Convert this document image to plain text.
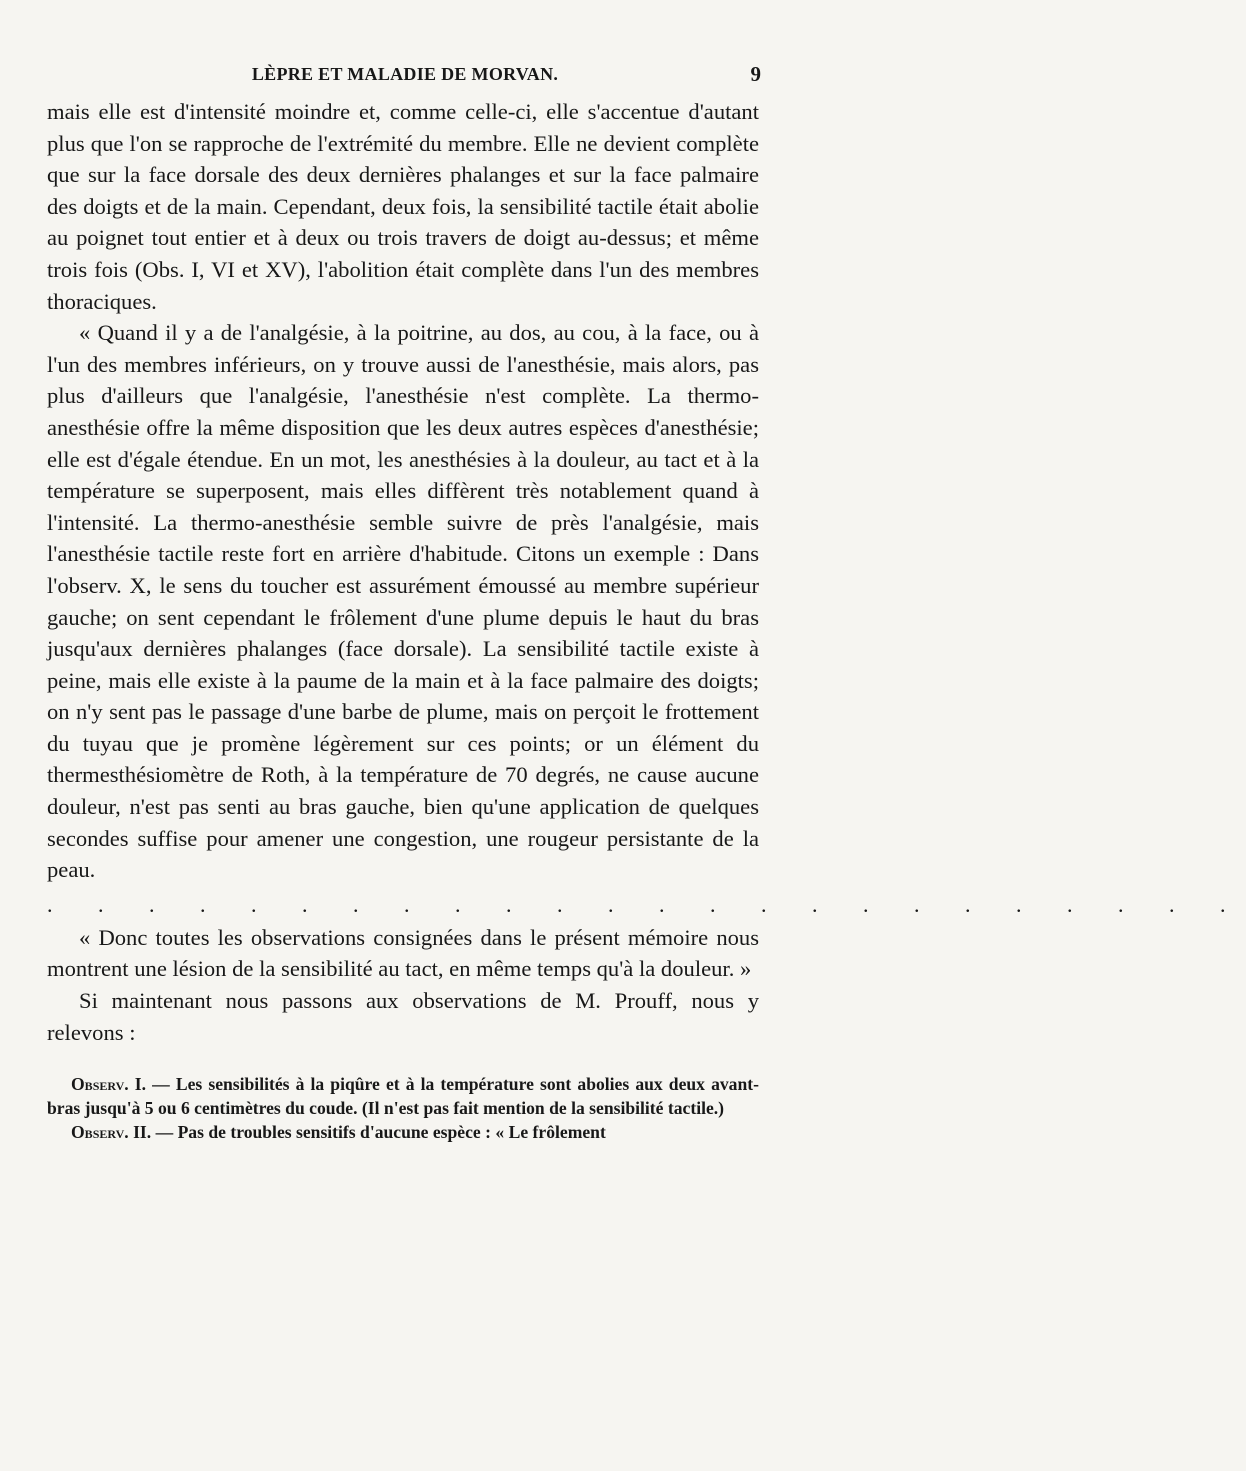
LÈPRE ET MALADIE DE MORVAN.	9

mais elle est d'intensité moindre et, comme celle-ci, elle s'accentue d'autant plus que l'on se rapproche de l'extrémité du membre. Elle ne devient complète que sur la face dorsale des deux dernières phalanges et sur la face palmaire des doigts et de la main. Cependant, deux fois, la sensibilité tactile était abolie au poignet tout entier et à deux ou trois travers de doigt au-dessus; et même trois fois (Obs. I, VI et XV), l'abolition était complète dans l'un des membres thoraciques.

« Quand il y a de l'analgésie, à la poitrine, au dos, au cou, à la face, ou à l'un des membres inférieurs, on y trouve aussi de l'anesthésie, mais alors, pas plus d'ailleurs que l'analgésie, l'anesthésie n'est complète. La thermo-anesthésie offre la même disposition que les deux autres espèces d'anesthésie; elle est d'égale étendue. En un mot, les anesthésies à la douleur, au tact et à la température se superposent, mais elles diffèrent très notablement quand à l'intensité. La thermo-anesthésie semble suivre de près l'analgésie, mais l'anesthésie tactile reste fort en arrière d'habitude. Citons un exemple : Dans l'observ. X, le sens du toucher est assurément émoussé au membre supérieur gauche; on sent cependant le frôlement d'une plume depuis le haut du bras jusqu'aux dernières phalanges (face dorsale). La sensibilité tactile existe à peine, mais elle existe à la paume de la main et à la face palmaire des doigts; on n'y sent pas le passage d'une barbe de plume, mais on perçoit le frottement du tuyau que je promène légèrement sur ces points; or un élément du thermesthésiomètre de Roth, à la température de 70 degrés, ne cause aucune douleur, n'est pas senti au bras gauche, bien qu'une application de quelques secondes suffise pour amener une congestion, une rougeur persistante de la peau.

. . . . . . . . . . . . . . . . . . . . . . . .

« Donc toutes les observations consignées dans le présent mémoire nous montrent une lésion de la sensibilité au tact, en même temps qu'à la douleur. »

Si maintenant nous passons aux observations de M. Prouff, nous y relevons :

Observ. I. — Les sensibilités à la piqûre et à la température sont abolies aux deux avant-bras jusqu'à 5 ou 6 centimètres du coude. (Il n'est pas fait mention de la sensibilité tactile.)

Observ. II. — Pas de troubles sensitifs d'aucune espèce : « Le frôlement
